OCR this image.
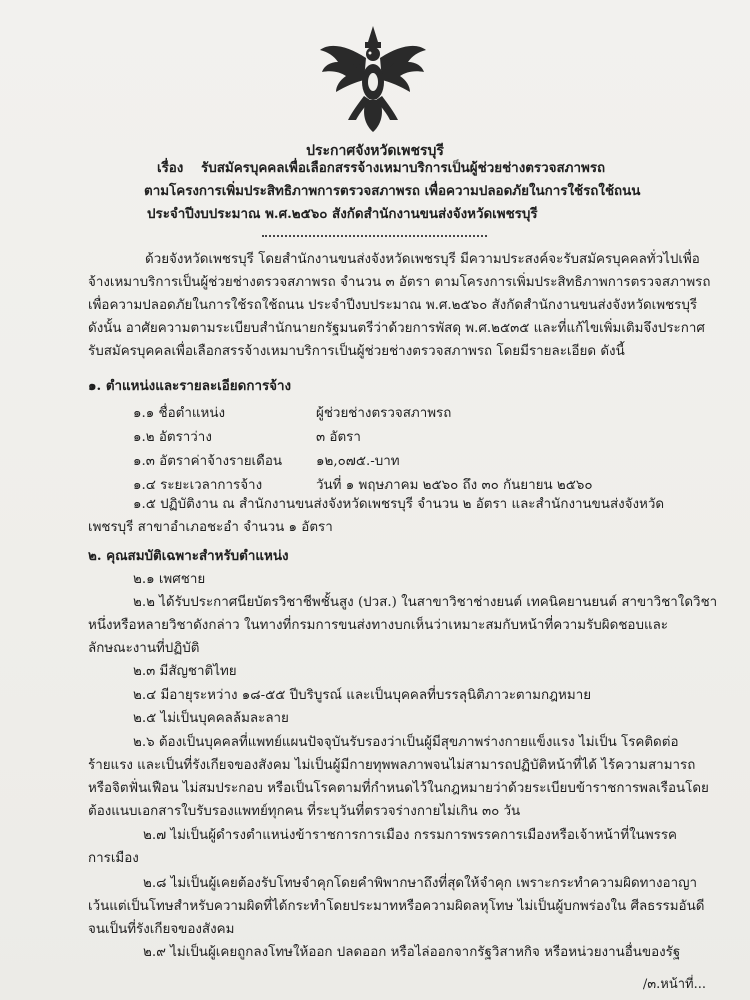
ประกาศจังหวัดเพชรบุรี
เรื่อง รับสมัครบุคคลเพื่อเลือกสรรจ้างเหมาบริการเป็นผู้ช่วยช่างตรวจสภาพรถ
ตามโครงการเพิ่มประสิทธิภาพการตรวจสภาพรถ เพื่อความปลอดภัยในการใช้รถใช้ถนน
ประจำปีงบประมาณ พ.ศ.๒๕๖๐ สังกัดสำนักงานขนส่งจังหวัดเพชรบุรี
ด้วยจังหวัดเพชรบุรี โดยสำนักงานขนส่งจังหวัดเพชรบุรี มีความประสงค์จะรับสมัครบุคคลทั่วไปเพื่อ
จ้างเหมาบริการเป็นผู้ช่วยช่างตรวจสภาพรถ จำนวน ๓ อัตรา ตามโครงการเพิ่มประสิทธิภาพการตรวจสภาพรถ
เพื่อความปลอดภัยในการใช้รถใช้ถนน ประจำปีงบประมาณ พ.ศ.๒๕๖๐ สังกัดสำนักงานขนส่งจังหวัดเพชรบุรี
ดังนั้น อาศัยความตามระเบียบสำนักนายกรัฐมนตรีว่าด้วยการพัสดุ พ.ศ.๒๕๓๕ และที่แก้ไขเพิ่มเติมจึงประกาศ
รับสมัครบุคคลเพื่อเลือกสรรจ้างเหมาบริการเป็นผู้ช่วยช่างตรวจสภาพรถ โดยมีรายละเอียด ดังนี้
๑. ตำแหน่งและรายละเอียดการจ้าง
๑.๑ ชื่อตำแหน่ง	ผู้ช่วยช่างตรวจสภาพรถ
๑.๒ อัตราว่าง	๓ อัตรา
๑.๓ อัตราค่าจ้างรายเดือน	๑๒,๐๗๕.-บาท
๑.๔ ระยะเวลาการจ้าง	วันที่ ๑ พฤษภาคม ๒๕๖๐ ถึง ๓๐ กันยายน ๒๕๖๐
๑.๕ ปฏิบัติงาน ณ สำนักงานขนส่งจังหวัดเพชรบุรี จำนวน ๒ อัตรา และสำนักงานขนส่งจังหวัด
เพชรบุรี สาขาอำเภอชะอำ จำนวน ๑ อัตรา
๒. คุณสมบัติเฉพาะสำหรับตำแหน่ง
๒.๑ เพศชาย
๒.๒ ได้รับประกาศนียบัตรวิชาชีพชั้นสูง (ปวส.) ในสาขาวิชาช่างยนต์ เทคนิคยานยนต์ สาขาวิชาใดวิชา
หนึ่งหรือหลายวิชาดังกล่าว ในทางที่กรมการขนส่งทางบกเห็นว่าเหมาะสมกับหน้าที่ความรับผิดชอบและ
ลักษณะงานที่ปฏิบัติ
๒.๓ มีสัญชาติไทย
๒.๔ มีอายุระหว่าง ๑๘-๕๕ ปีบริบูรณ์ และเป็นบุคคลที่บรรลุนิติภาวะตามกฎหมาย
๒.๕ ไม่เป็นบุคคลล้มละลาย
๒.๖ ต้องเป็นบุคคลที่แพทย์แผนปัจจุบันรับรองว่าเป็นผู้มีสุขภาพร่างกายแข็งแรง ไม่เป็น โรคติดต่อ
ร้ายแรง และเป็นที่รังเกียจของสังคม ไม่เป็นผู้มีกายทุพพลภาพจนไม่สามารถปฏิบัติหน้าที่ได้ ไร้ความสามารถ
หรือจิตฟั่นเฟือน ไม่สมประกอบ หรือเป็นโรคตามที่กำหนดไว้ในกฎหมายว่าด้วยระเบียบข้าราชการพลเรือนโดย
ต้องแนบเอกสารใบรับรองแพทย์ทุกคน ที่ระบุวันที่ตรวจร่างกายไม่เกิน ๓๐ วัน
๒.๗ ไม่เป็นผู้ดำรงตำแหน่งข้าราชการการเมือง กรรมการพรรคการเมืองหรือเจ้าหน้าที่ในพรรค
การเมือง
๒.๘ ไม่เป็นผู้เคยต้องรับโทษจำคุกโดยคำพิพากษาถึงที่สุดให้จำคุก เพราะกระทำความผิดทางอาญา
เว้นแต่เป็นโทษสำหรับความผิดที่ได้กระทำโดยประมาทหรือความผิดลหุโทษ ไม่เป็นผู้บกพร่องใน ศีลธรรมอันดี
จนเป็นที่รังเกียจของสังคม
๒.๙ ไม่เป็นผู้เคยถูกลงโทษให้ออก ปลดออก หรือไล่ออกจากรัฐวิสาหกิจ หรือหน่วยงานอื่นของรัฐ
/๓.หน้าที่...
